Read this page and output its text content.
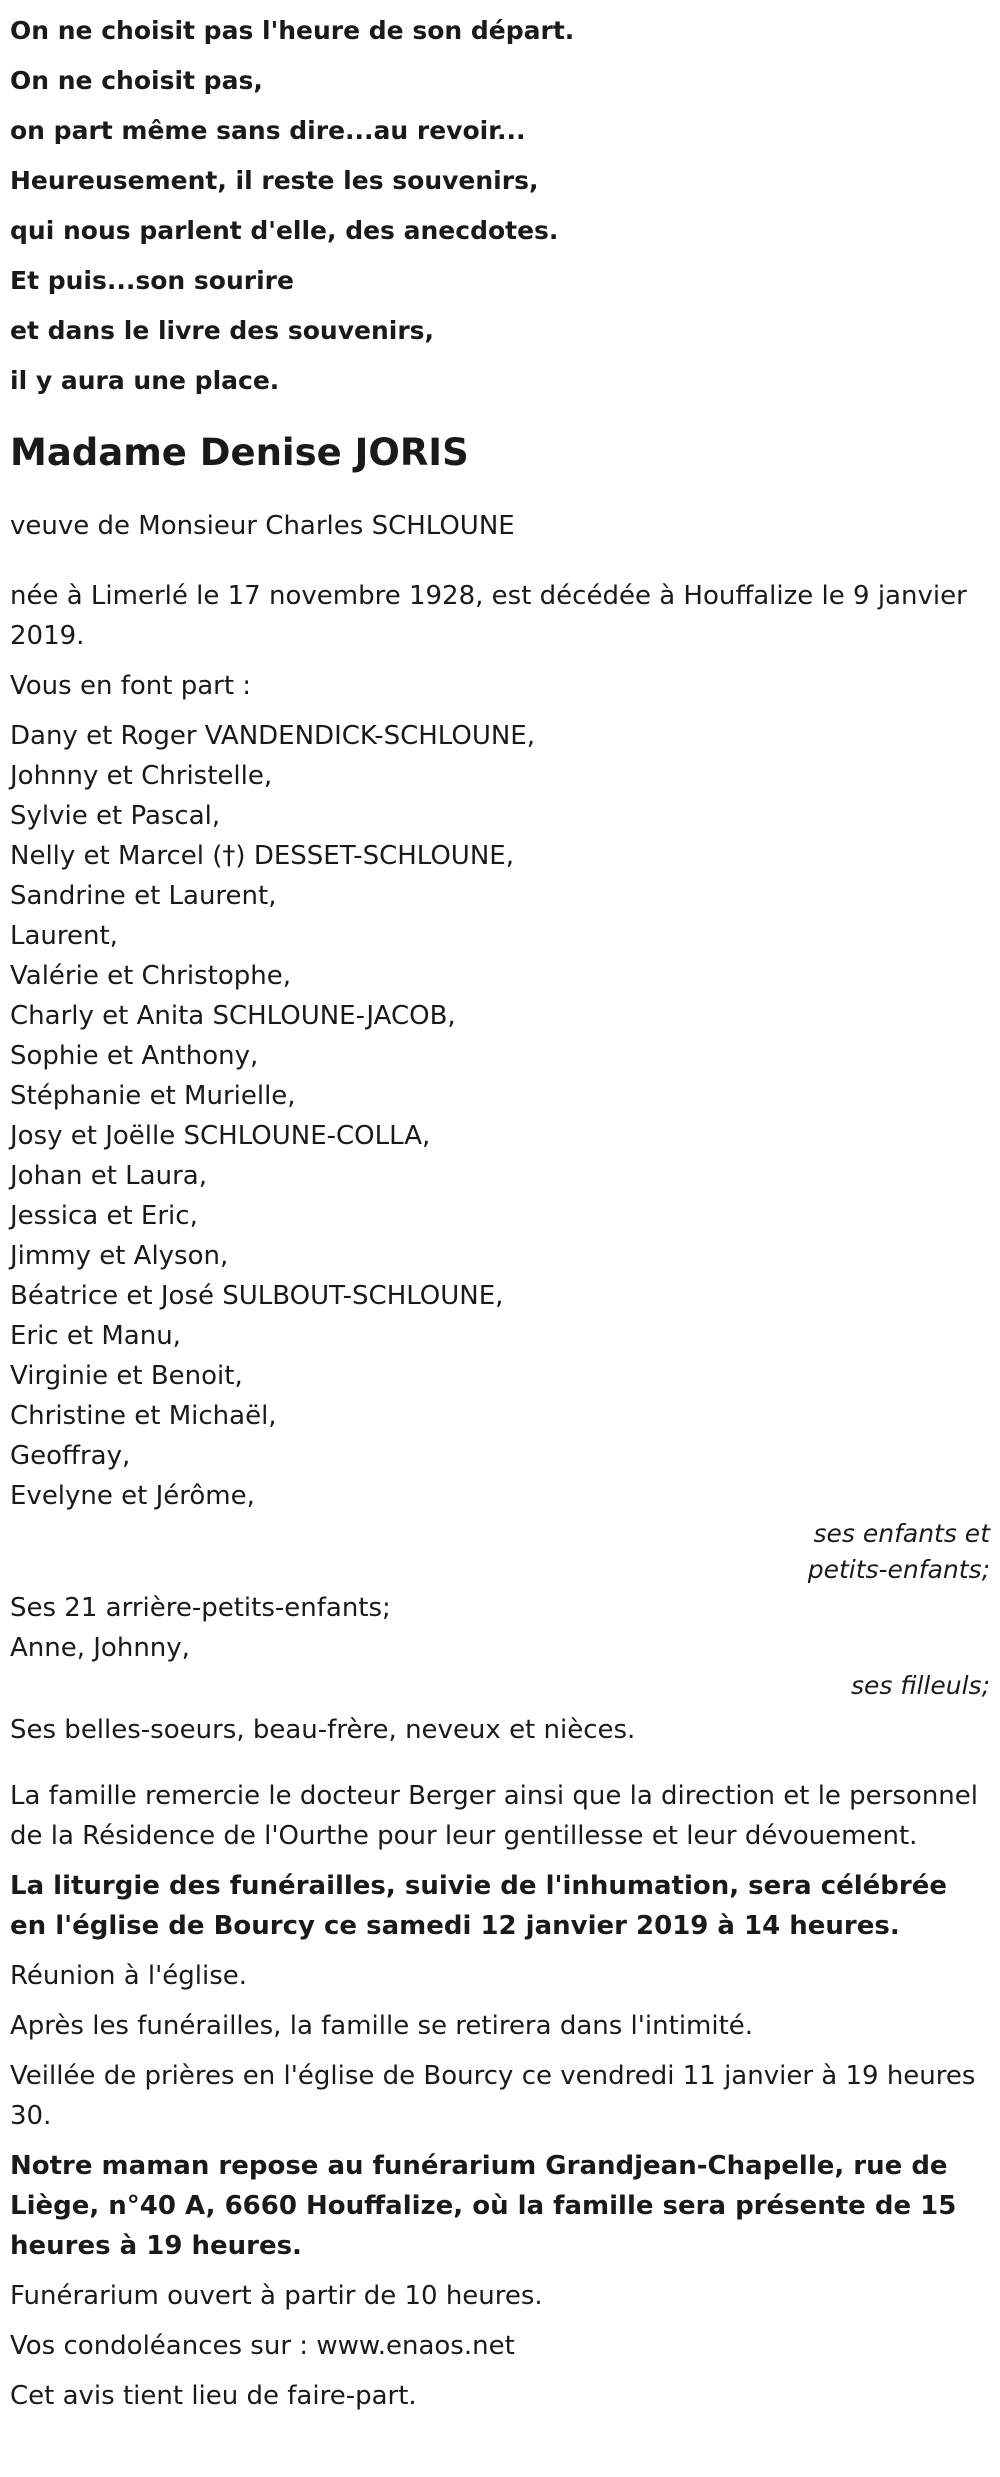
On ne choisit pas l'heure de son départ.
On ne choisit pas,
on part même sans dire...au revoir...
Heureusement, il reste les souvenirs,
qui nous parlent d'elle, des anecdotes.
Et puis...son sourire
et dans le livre des souvenirs,
il y aura une place.
Madame Denise JORIS
veuve de Monsieur Charles SCHLOUNE
née à Limerlé le 17 novembre 1928, est décédée à Houffalize le 9 janvier 2019.
Vous en font part :
Dany et Roger VANDENDICK-SCHLOUNE,
Johnny et Christelle,
Sylvie et Pascal,
Nelly et Marcel (†) DESSET-SCHLOUNE,
Sandrine et Laurent,
Laurent,
Valérie et Christophe,
Charly et Anita SCHLOUNE-JACOB,
Sophie et Anthony,
Stéphanie et Murielle,
Josy et Joëlle SCHLOUNE-COLLA,
Johan et Laura,
Jessica et Eric,
Jimmy et Alyson,
Béatrice et José SULBOUT-SCHLOUNE,
Eric et Manu,
Virginie et Benoit,
Christine et Michaël,
Geoffray,
Evelyne et Jérôme,
ses enfants et
petits-enfants;
Ses 21 arrière-petits-enfants;
Anne, Johnny,
ses filleuls;
Ses belles-soeurs, beau-frère, neveux et nièces.
La famille remercie le docteur Berger ainsi que la direction et le personnel de la Résidence de l'Ourthe pour leur gentillesse et leur dévouement.
La liturgie des funérailles, suivie de l'inhumation, sera célébrée en l'église de Bourcy ce samedi 12 janvier 2019 à 14 heures.
Réunion à l'église.
Après les funérailles, la famille se retirera dans l'intimité.
Veillée de prières en l'église de Bourcy ce vendredi 11 janvier à 19 heures 30.
Notre maman repose au funérarium Grandjean-Chapelle, rue de Liège, n°40 A, 6660 Houffalize, où la famille sera présente de 15 heures à 19 heures.
Funérarium ouvert à partir de 10 heures.
Vos condoléances sur : www.enaos.net
Cet avis tient lieu de faire-part.
